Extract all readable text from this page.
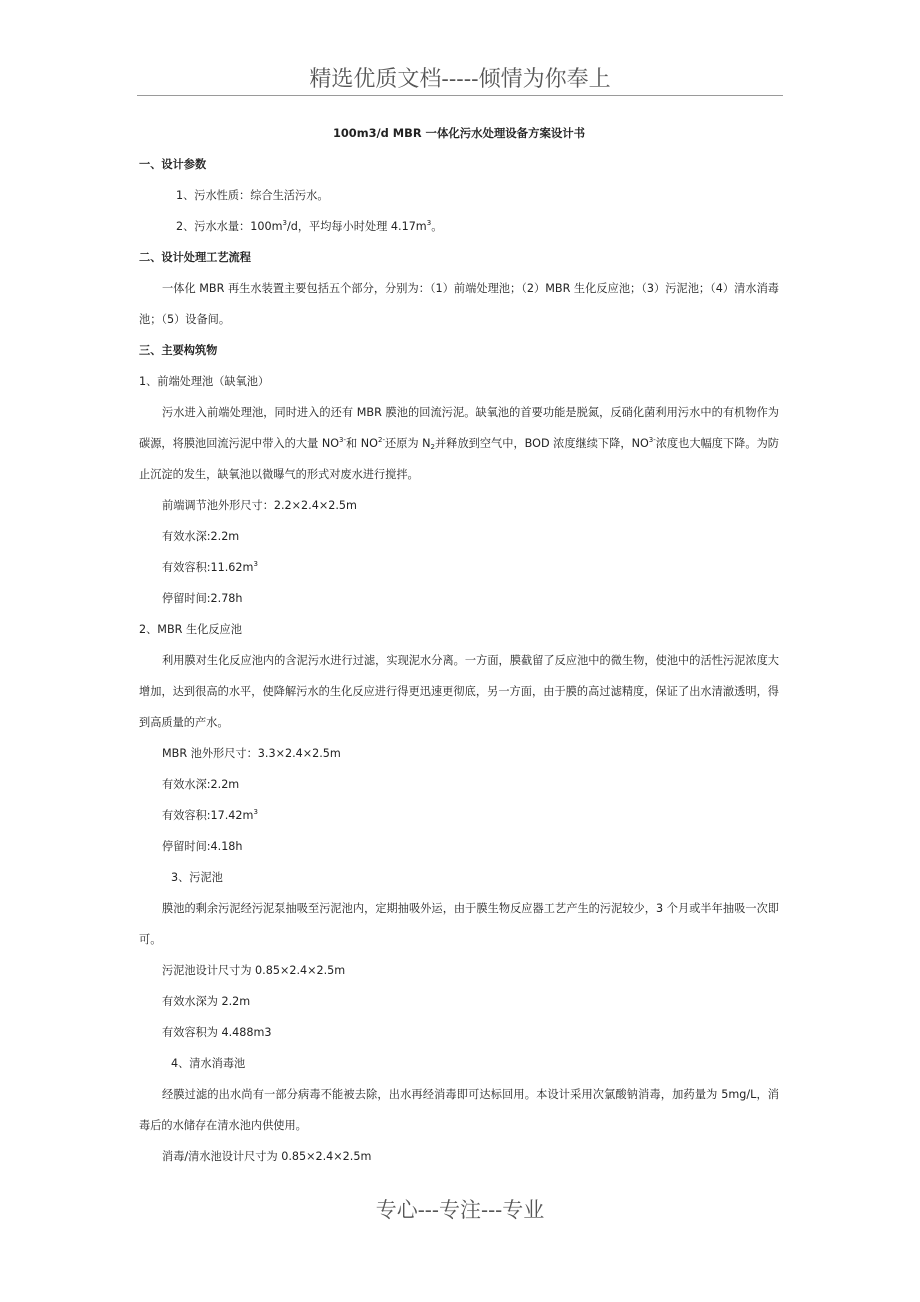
精选优质文档-----倾情为你奉上

100m3/d MBR 一体化污水处理设备方案设计书

一、设计参数

1、污水性质：综合生活污水。

2、污水水量：$100m^3/d$，平均每小时处理 $4.17m^3$。

二、设计处理工艺流程

一体化 MBR 再生水装置主要包括五个部分，分别为：（1）前端处理池；（2）MBR 生化反应池；（3）污泥池；（4）清水消毒池；（5）设备间。

三、主要构筑物

1、前端处理池（缺氧池）

污水进入前端处理池，同时进入的还有 MBR 膜池的回流污泥。缺氧池的首要功能是脱氮，反硝化菌利用污水中的有机物作为碳源，将膜池回流污泥中带入的大量 $NO^{3-}$和 $NO^{2-}$还原为 $N_2$并释放到空气中，BOD 浓度继续下降，$NO^{3-}$浓度也大幅度下降。为防止沉淀的发生，缺氧池以微曝气的形式对废水进行搅拌。

前端调节池外形尺寸：2.2×2.4×2.5m

有效水深:2.2m

有效容积$:11.62m^3$

停留时间:2.78h

2、MBR 生化反应池

利用膜对生化反应池内的含泥污水进行过滤，实现泥水分离。一方面，膜截留了反应池中的微生物，使池中的活性污泥浓度大增加，达到很高的水平，使降解污水的生化反应进行得更迅速更彻底，另一方面，由于膜的高过滤精度，保证了出水清澈透明，得到高质量的产水。

MBR 池外形尺寸：3.3×2.4×2.5m

有效水深:2.2m

有效容积$:17.42m^3$

停留时间:4.18h

3、污泥池

膜池的剩余污泥经污泥泵抽吸至污泥池内，定期抽吸外运，由于膜生物反应器工艺产生的污泥较少，3 个月或半年抽吸一次即可。

污泥池设计尺寸为 0.85×2.4×2.5m

有效水深为 2.2m

有效容积为 4.488m3

4、清水消毒池

经膜过滤的出水尚有一部分病毒不能被去除，出水再经消毒即可达标回用。本设计采用次氯酸钠消毒，加药量为 5mg/L，消毒后的水储存在清水池内供使用。

消毒/清水池设计尺寸为 0.85×2.4×2.5m

专心---专注---专业
